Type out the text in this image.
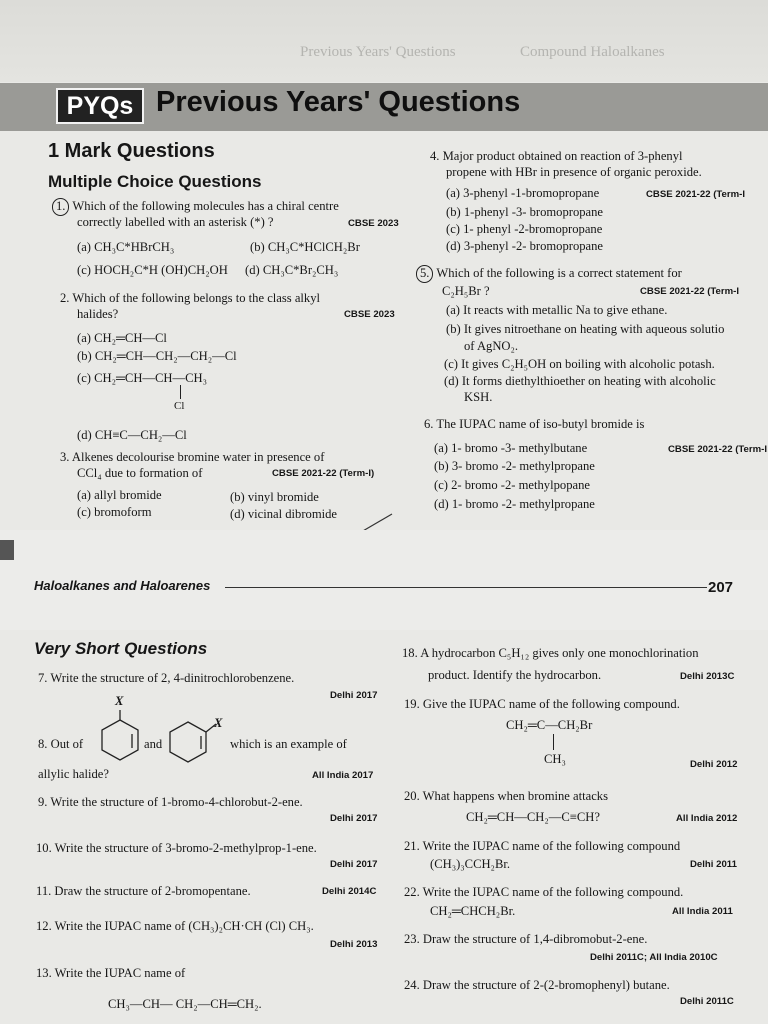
Previous Years' Questions	Compound Haloalkanes
PYQs Previous Years' Questions
1 Mark Questions
Multiple Choice Questions
1. Which of the following molecules has a chiral centre
correctly labelled with an asterisk (*) ?	CBSE 2023
(a) CH₃C*HBrCH₃	(b) CH₃C*HClCH₂Br
(c) HOCH₂C*H (OH)CH₂OH (d) CH₃C*Br₂CH₃
2. Which of the following belongs to the class alkyl
halides?	CBSE 2023
(a) CH₂═CH—Cl
(b) CH₂═CH—CH₂—CH₂—Cl
(c) CH₂═CH—CH—CH₃
Cl
(d) CH≡C—CH₂—Cl
3. Alkenes decolourise bromine water in presence of
CCl₄ due to formation of	CBSE 2021-22 (Term-I)
(a) allyl bromide	(b) vinyl bromide
(c) bromoform	(d) vicinal dibromide
4. Major product obtained on reaction of 3-phenyl
propene with HBr in presence of organic peroxide.
(a) 3-phenyl -1-bromopropane	CBSE 2021-22 (Term-I
(b) 1-phenyl -3- bromopropane
(c) 1- phenyl -2-bromopropane
(d) 3-phenyl -2- bromopropane
5. Which of the following is a correct statement for
C₂H₅Br ?	CBSE 2021-22 (Term-I
(a) It reacts with metallic Na to give ethane.
(b) It gives nitroethane on heating with aqueous solutio
of AgNO₂.
(c) It gives C₂H₅OH on boiling with alcoholic potash.
(d) It forms diethylthioether on heating with alcoholic
KSH.
6. The IUPAC name of iso-butyl bromide is
(a) 1- bromo -3- methylbutane	CBSE 2021-22 (Term-I
(b) 3- bromo -2- methylpropane
(c) 2- bromo -2- methylpopane
(d) 1- bromo -2- methylpropane
Haloalkanes and Haloarenes	207
Very Short Questions
7. Write the structure of 2, 4-dinitrochlorobenzene.
Delhi 2017
8. Out of
X
and
X
which is an example of
allylic halide?	All India 2017
9. Write the structure of 1-bromo-4-chlorobut-2-ene.
Delhi 2017
10. Write the structure of 3-bromo-2-methylprop-1-ene.
Delhi 2017
11. Draw the structure of 2-bromopentane.	Delhi 2014C
12. Write the IUPAC name of (CH₃)₂CH·CH (Cl) CH₃.
Delhi 2013
13. Write the IUPAC name of
CH₃—CH— CH₂—CH═CH₂.
18. A hydrocarbon C₅H₁₂ gives only one monochlorination
product. Identify the hydrocarbon.	Delhi 2013C
19. Give the IUPAC name of the following compound.
CH₂═C—CH₂Br
CH₃	Delhi 2012
20. What happens when bromine attacks
CH₂═CH—CH₂—C≡CH?	All India 2012
21. Write the IUPAC name of the following compound
(CH₃)₃CCH₂Br.	Delhi 2011
22. Write the IUPAC name of the following compound.
CH₂═CHCH₂Br.	All India 2011
23. Draw the structure of 1,4-dibromobut-2-ene.
Delhi 2011C; All India 2010C
24. Draw the structure of 2-(2-bromophenyl) butane.
Delhi 2011C
